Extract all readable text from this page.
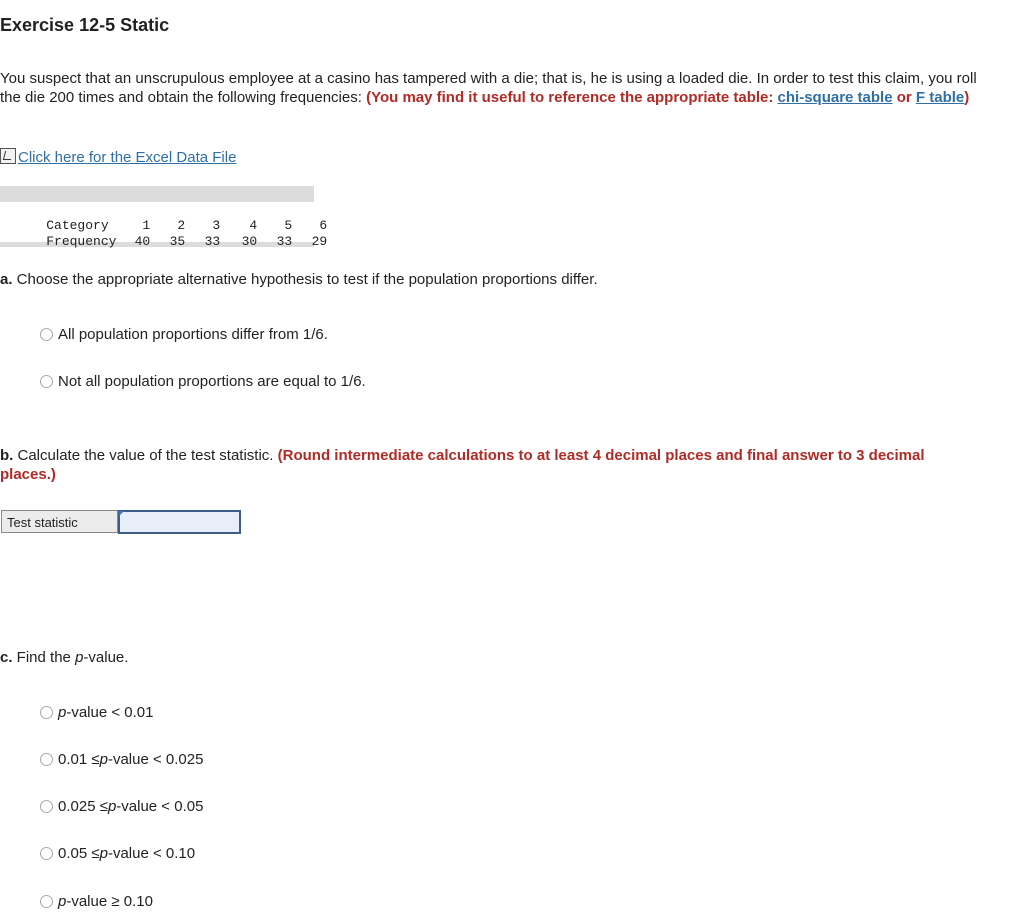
Exercise 12-5 Static
You suspect that an unscrupulous employee at a casino has tampered with a die; that is, he is using a loaded die. In order to test this claim, you roll the die 200 times and obtain the following frequencies: (You may find it useful to reference the appropriate table: chi-square table or F table)
Click here for the Excel Data File

Category	1 2 3 4 5 6

Frequency 40 35 33 30 33 29

a. Choose the appropriate alternative hypothesis to test if the population proportions differ.
All population proportions differ from 1/6.
Not all population proportions are equal to 1/6.
b. Calculate the value of the test statistic. (Round intermediate calculations to at least 4 decimal places and final answer to 3 decimal places.)
Test statistic
c. Find the p-value.
p -value < 0.01
0.01 ≤ p -value < 0.025
0.025 ≤ p -value < 0.05
0.05 ≤ p -value < 0.10
p -value ≥ 0.10
